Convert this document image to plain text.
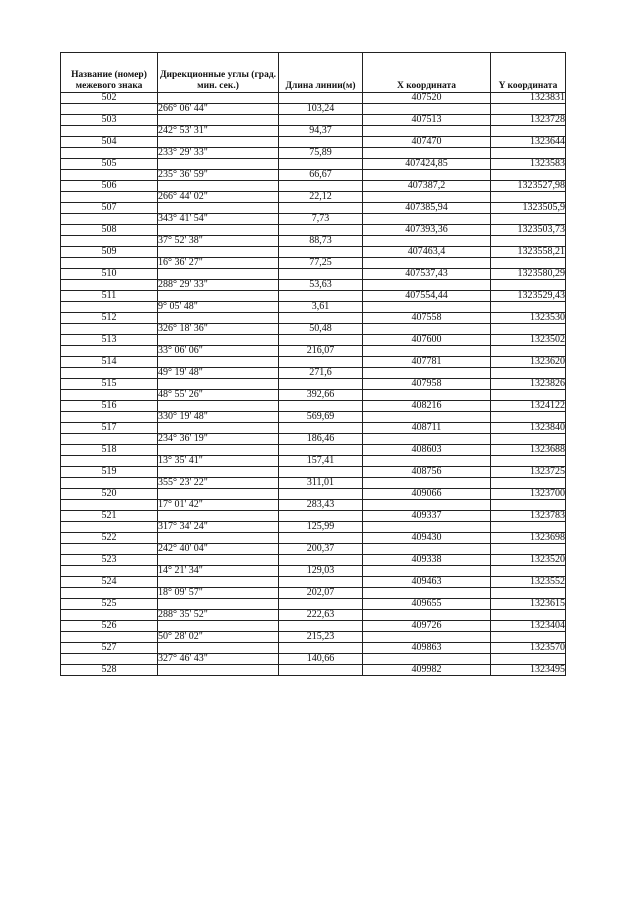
Название (номер) межевого знака	Дирекционные углы (град. мин. сек.)	Длина линии(м)	X координата	Y координата
502			407520	1323831
	266° 06' 44"	103,24		
503			407513	1323728
	242° 53' 31"	94,37		
504			407470	1323644
	233° 29' 33"	75,89		
505			407424,85	1323583
	235° 36' 59"	66,67		
506			407387,2	1323527,98
	266° 44' 02"	22,12		
507			407385,94	1323505,9
	343° 41' 54"	7,73		
508			407393,36	1323503,73
	37° 52' 38"	88,73		
509			407463,4	1323558,21
	16° 36' 27"	77,25		
510			407537,43	1323580,29
	288° 29' 33"	53,63		
511			407554,44	1323529,43
	9° 05' 48"	3,61		
512			407558	1323530
	326° 18' 36"	50,48		
513			407600	1323502
	33° 06' 06"	216,07		
514			407781	1323620
	49° 19' 48"	271,6		
515			407958	1323826
	48° 55' 26"	392,66		
516			408216	1324122
	330° 19' 48"	569,69		
517			408711	1323840
	234° 36' 19"	186,46		
518			408603	1323688
	13° 35' 41"	157,41		
519			408756	1323725
	355° 23' 22"	311,01		
520			409066	1323700
	17° 01' 42"	283,43		
521			409337	1323783
	317° 34' 24"	125,99		
522			409430	1323698
	242° 40' 04"	200,37		
523			409338	1323520
	14° 21' 34"	129,03		
524			409463	1323552
	18° 09' 57"	202,07		
525			409655	1323615
	288° 35' 52"	222,63		
526			409726	1323404
	50° 28' 02"	215,23		
527			409863	1323570
	327° 46' 43"	140,66		
528			409982	1323495
